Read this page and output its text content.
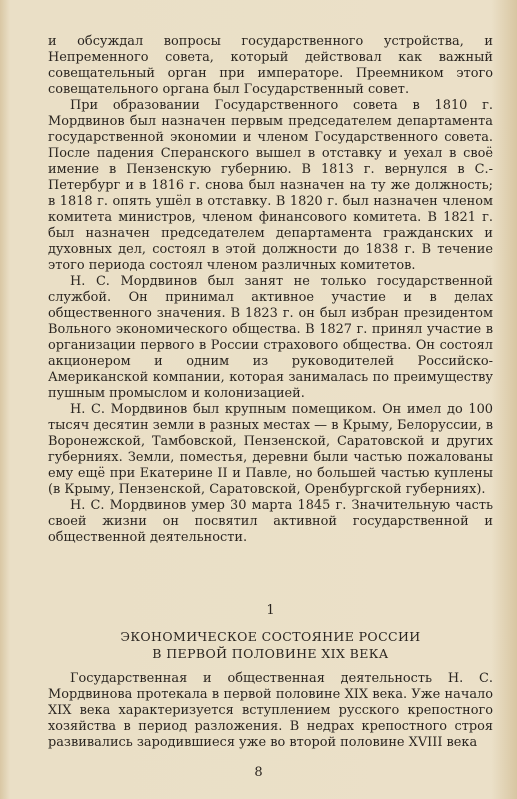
и обсуждал вопросы государственного устройства, и Непременного совета, который действовал как важный совещательный орган при императоре. Преемником этого совещательного органа был Государственный совет.

При образовании Государственного совета в 1810 г. Мордвинов был назначен первым председателем департамента государственной экономии и членом Государственного совета. После падения Сперанского вышел в отставку и уехал в своё имение в Пензенскую губернию. В 1813 г. вернулся в С.-Петербург и в 1816 г. снова был назначен на ту же должность; в 1818 г. опять ушёл в отставку. В 1820 г. был назначен членом комитета министров, членом финансового комитета. В 1821 г. был назначен председателем департамента гражданских и духовных дел, состоял в этой должности до 1838 г. В течение этого периода состоял членом различных комитетов.

Н. С. Мордвинов был занят не только государственной службой. Он принимал активное участие и в делах общественного значения. В 1823 г. он был избран президентом Вольного экономического общества. В 1827 г. принял участие в организации первого в России страхового общества. Он состоял акционером и одним из руководителей Российско-Американской компании, которая занималась по преимуществу пушным промыслом и колонизацией.

Н. С. Мордвинов был крупным помещиком. Он имел до 100 тысяч десятин земли в разных местах — в Крыму, Белоруссии, в Воронежской, Тамбовской, Пензенской, Саратовской и других губерниях. Земли, поместья, деревни были частью пожалованы ему ещё при Екатерине II и Павле, но большей частью куплены (в Крыму, Пензенской, Саратовской, Оренбургской губерниях).

Н. С. Мордвинов умер 30 марта 1845 г. Значительную часть своей жизни он посвятил активной государственной и общественной деятельности.

1
ЭКОНОМИЧЕСКОЕ СОСТОЯНИЕ РОССИИ
В ПЕРВОЙ ПОЛОВИНЕ XIX ВЕКА

Государственная и общественная деятельность Н. С. Мордвинова протекала в первой половине XIX века. Уже начало XIX века характеризуется вступлением русского крепостного хозяйства в период разложения. В недрах крепостного строя развивались зародившиеся уже во второй половине XVIII века

8
